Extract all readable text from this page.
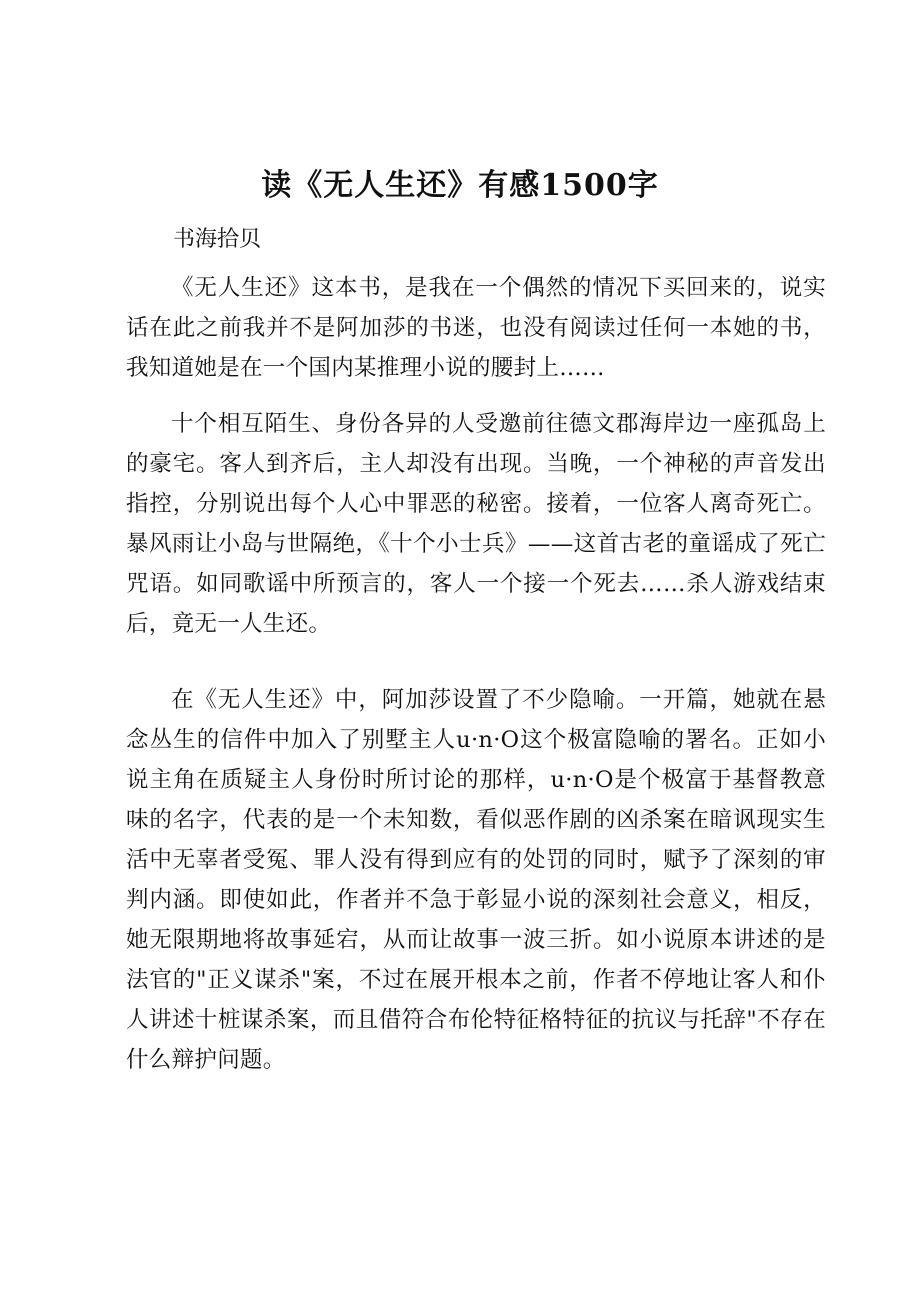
读《无人生还》有感1500字
书海拾贝

《无人生还》这本书，是我在一个偶然的情况下买回来的，说实话在此之前我并不是阿加莎的书迷，也没有阅读过任何一本她的书，我知道她是在一个国内某推理小说的腰封上……

十个相互陌生、身份各异的人受邀前往德文郡海岸边一座孤岛上的豪宅。客人到齐后，主人却没有出现。当晚，一个神秘的声音发出指控，分别说出每个人心中罪恶的秘密。接着，一位客人离奇死亡。暴风雨让小岛与世隔绝，《十个小士兵》——这首古老的童谣成了死亡咒语。如同歌谣中所预言的，客人一个接一个死去……杀人游戏结束后，竟无一人生还。

在《无人生还》中，阿加莎设置了不少隐喻。一开篇，她就在悬念丛生的信件中加入了别墅主人u·n·O这个极富隐喻的署名。正如小说主角在质疑主人身份时所讨论的那样，u·n·O是个极富于基督教意味的名字，代表的是一个未知数，看似恶作剧的凶杀案在暗讽现实生活中无辜者受冤、罪人没有得到应有的处罚的同时，赋予了深刻的审判内涵。即使如此，作者并不急于彰显小说的深刻社会意义，相反，她无限期地将故事延宕，从而让故事一波三折。如小说原本讲述的是法官的"正义谋杀"案，不过在展开根本之前，作者不停地让客人和仆人讲述十桩谋杀案，而且借符合布伦特征格特征的抗议与托辞"不存在什么辩护问题。
